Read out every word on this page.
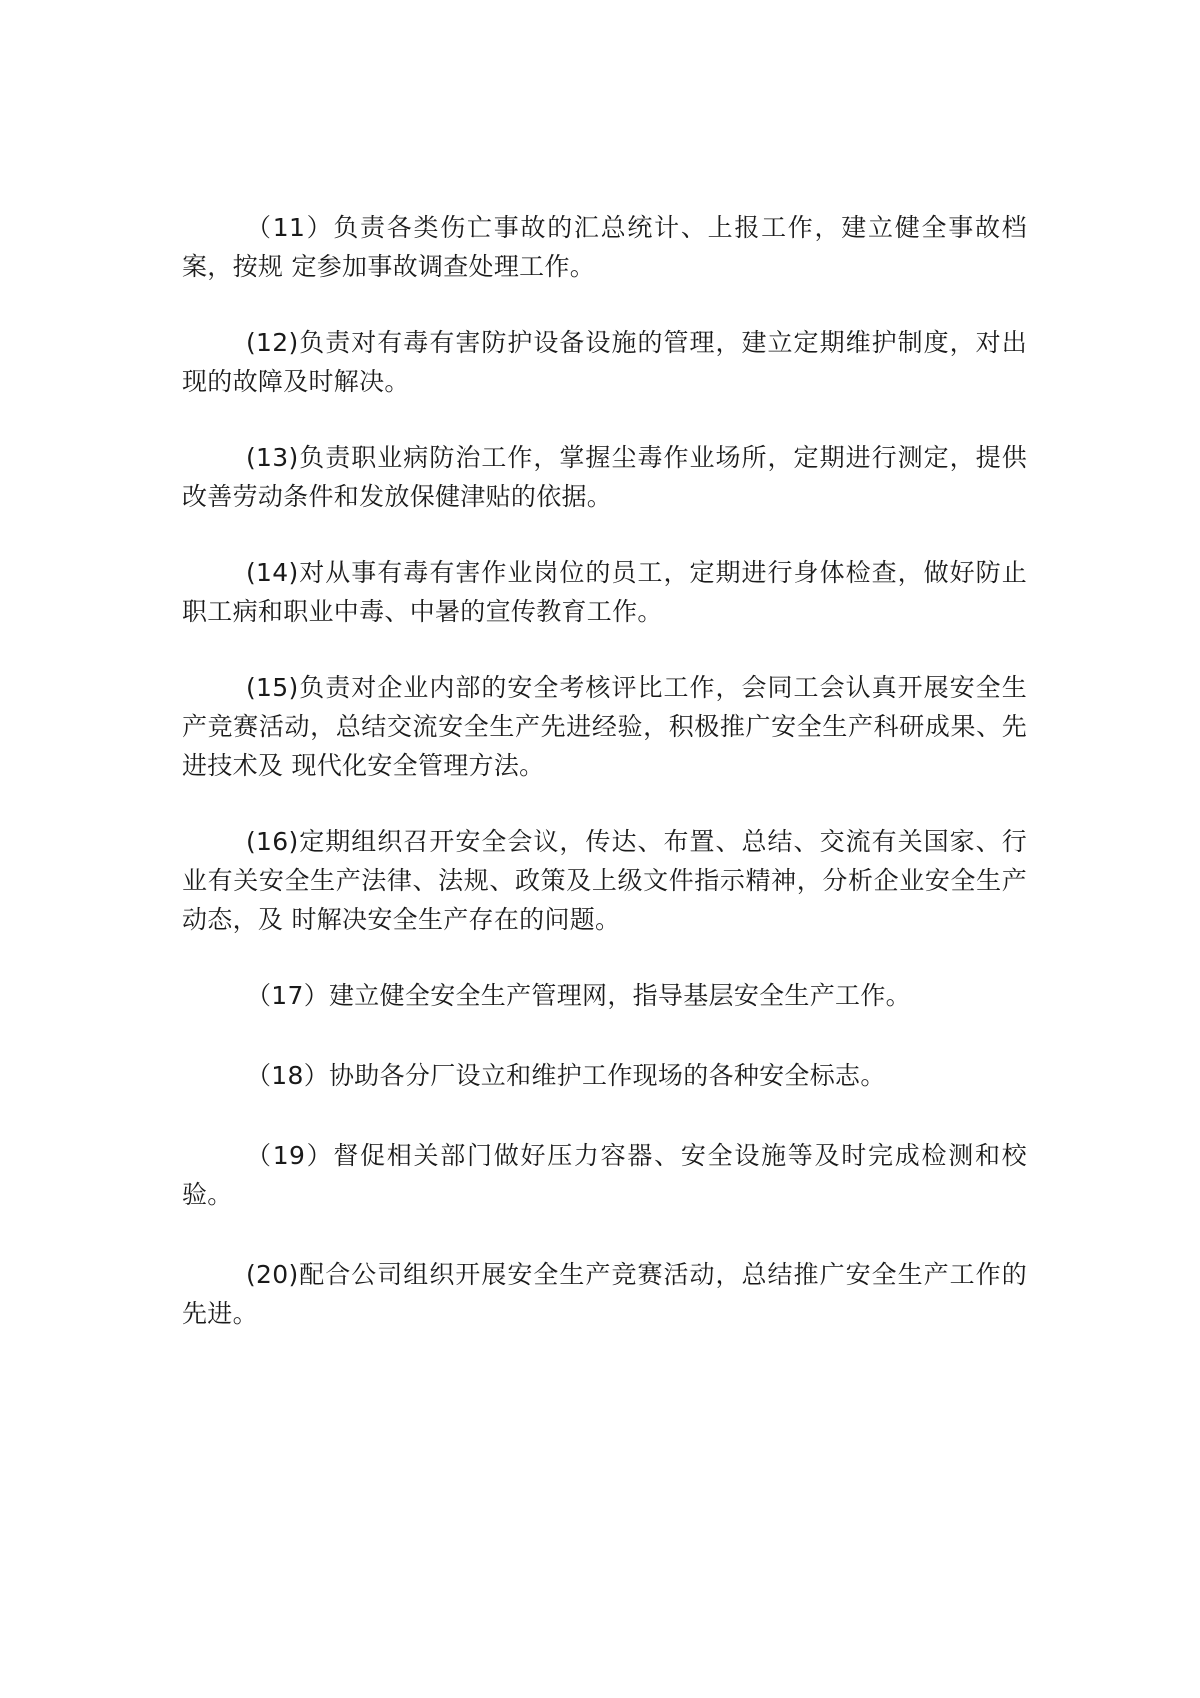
（11）负责各类伤亡事故的汇总统计、上报工作，建立健全事故档案，按规 定参加事故调查处理工作。

(12)负责对有毒有害防护设备设施的管理，建立定期维护制度，对出现的故障及时解决。

(13)负责职业病防治工作，掌握尘毒作业场所，定期进行测定，提供改善劳动条件和发放保健津贴的依据。

(14)对从事有毒有害作业岗位的员工，定期进行身体检查，做好防止职工病和职业中毒、中暑的宣传教育工作。

(15)负责对企业内部的安全考核评比工作，会同工会认真开展安全生产竞赛活动，总结交流安全生产先进经验，积极推广安全生产科研成果、先进技术及 现代化安全管理方法。

(16)定期组织召开安全会议，传达、布置、总结、交流有关国家、行业有关安全生产法律、法规、政策及上级文件指示精神，分析企业安全生产动态，及 时解决安全生产存在的问题。

（17）建立健全安全生产管理网，指导基层安全生产工作。

（18）协助各分厂设立和维护工作现场的各种安全标志。

（19）督促相关部门做好压力容器、安全设施等及时完成检测和校验。

(20)配合公司组织开展安全生产竞赛活动，总结推广安全生产工作的先进。
